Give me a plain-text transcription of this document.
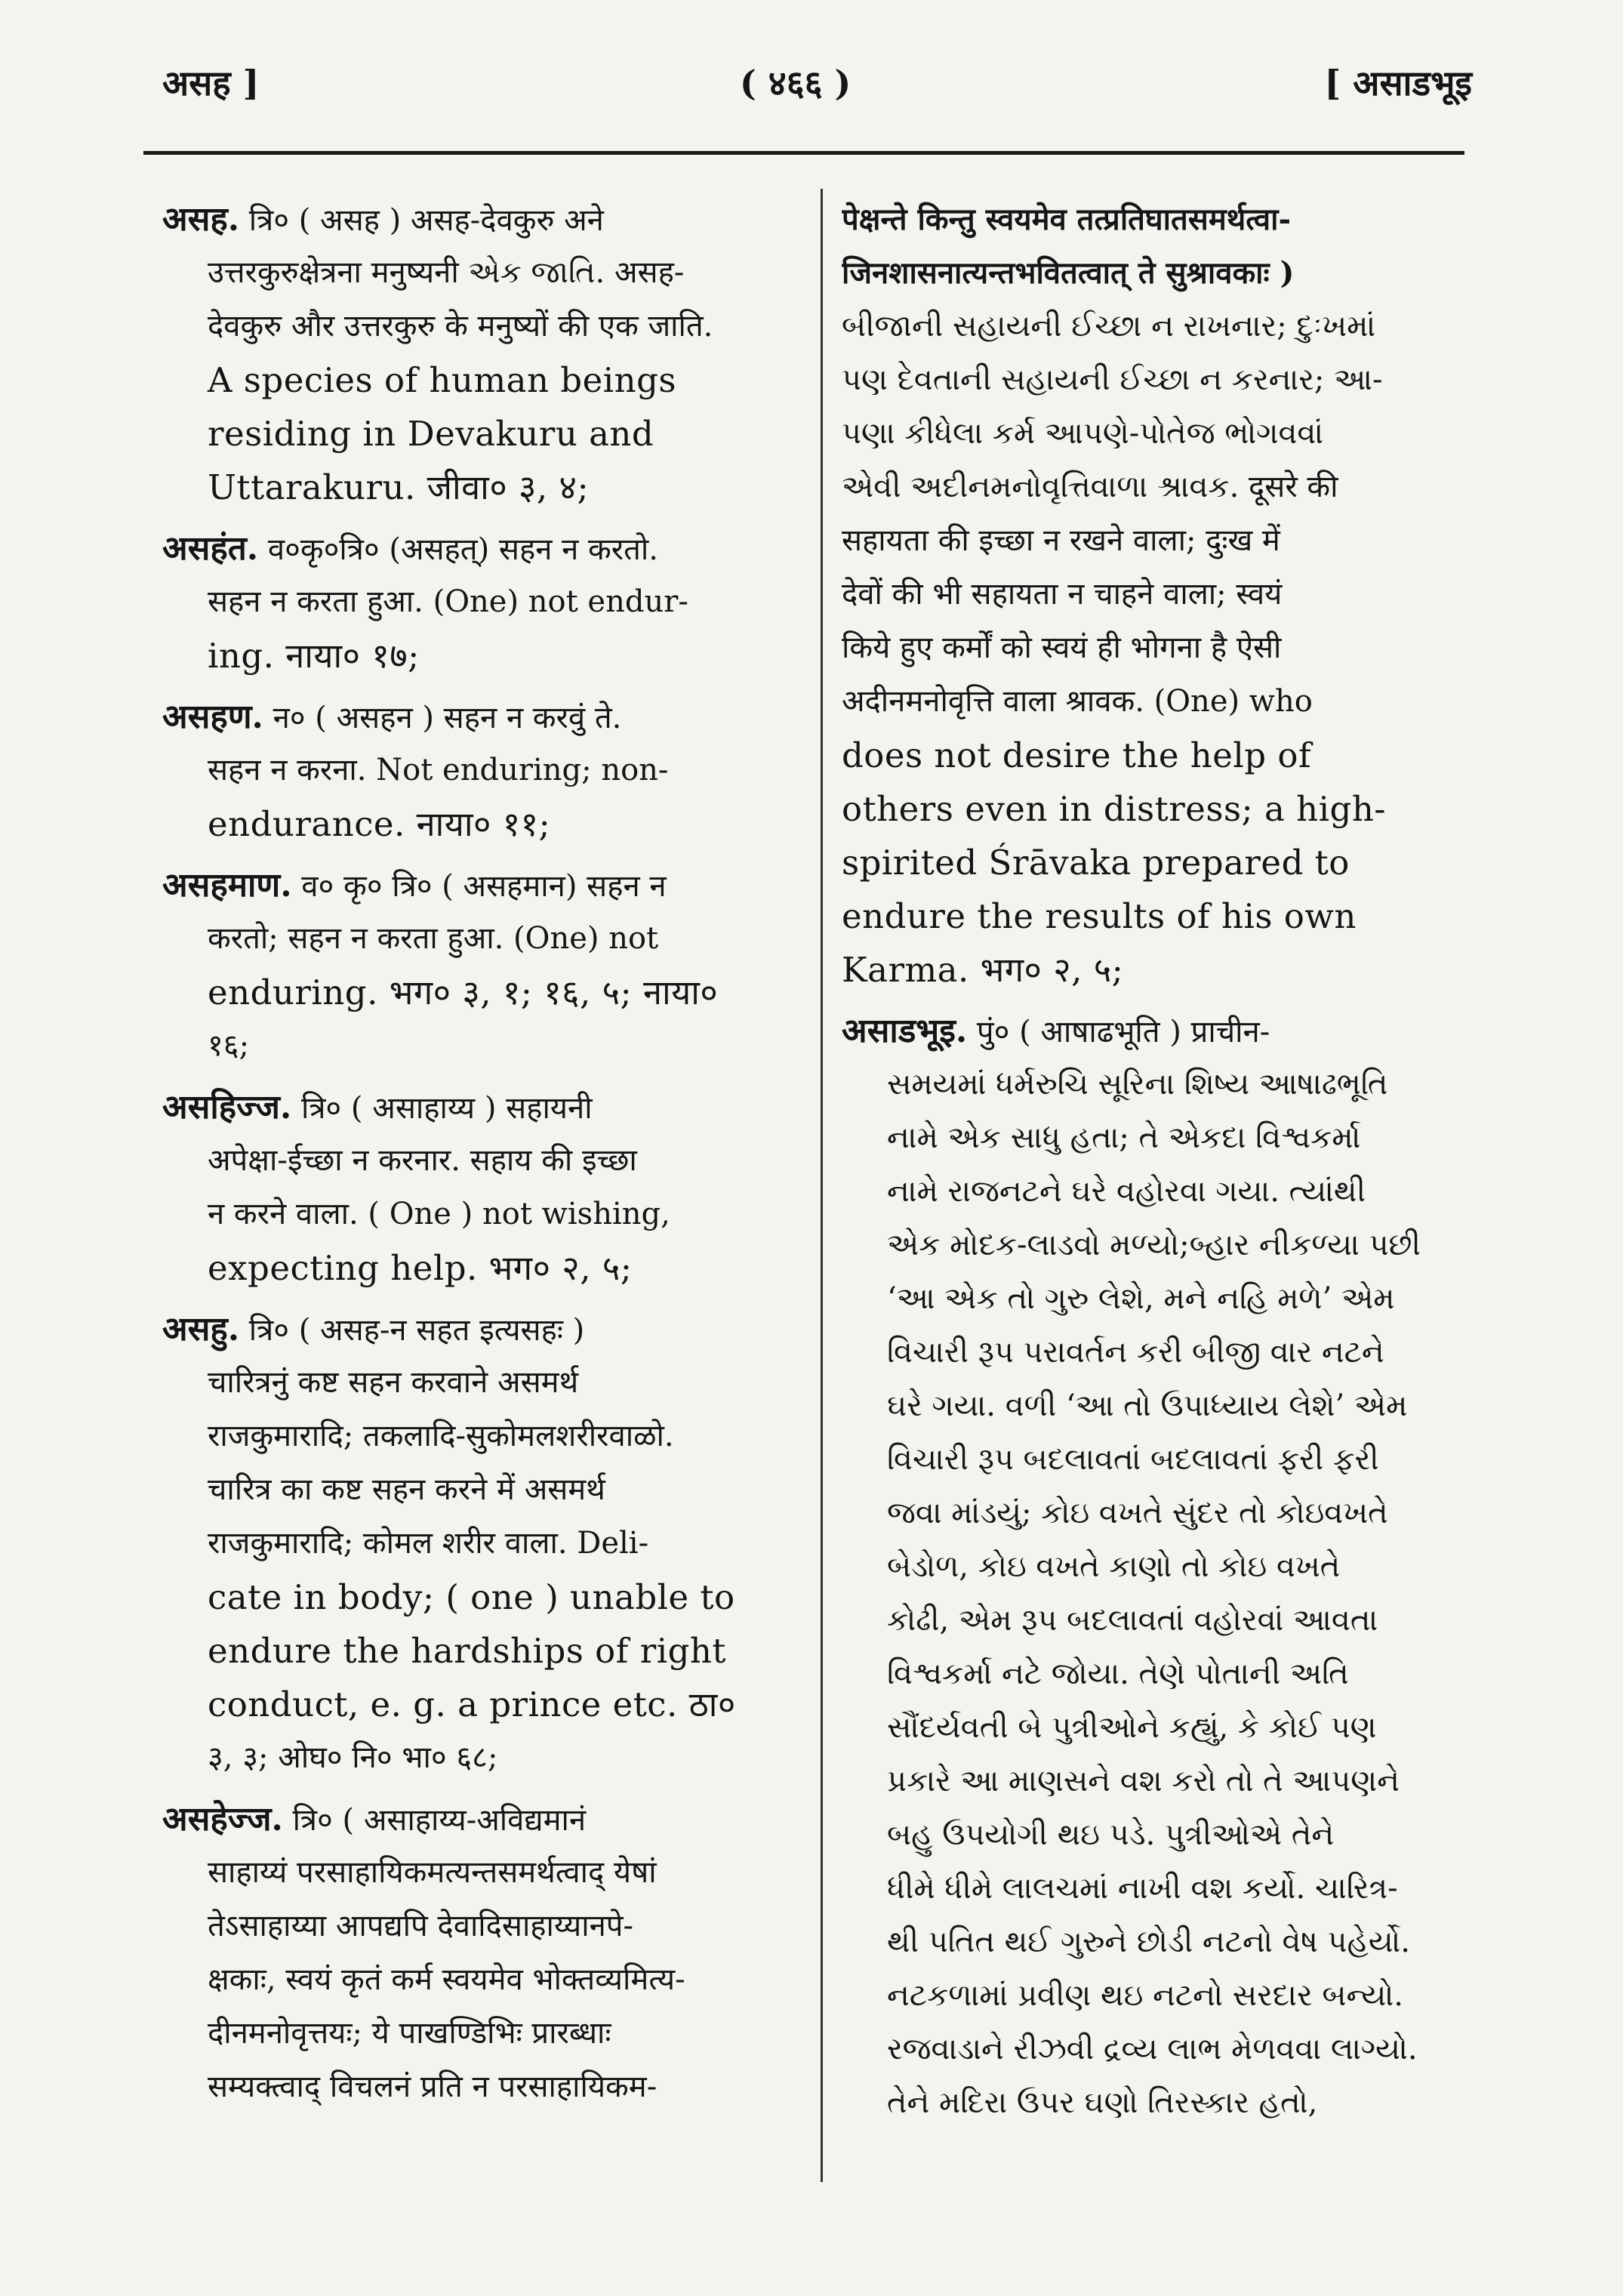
असह ]	( ४६६ )	[ असाडभूइ
असह. त्रि० ( असह ) असह-देवकुरु अने
उत्तरकुरुक्षेत्रना मनुष्यनी એક જાતિ. असह-
देवकुरु और उत्तरकुरु के मनुष्यों की एक जाति.
A species of human beings
residing in Devakuru and
Uttarakuru. जीवा० ३, ४;
असहंत. व०कृ०त्रि० (असहत्) सहन न करतो.
सहन न करता हुआ. (One) not endur-
ing. नाया० १७;
असहण. न० ( असहन ) सहन न करवुं ते.
सहन न करना. Not enduring; non-
endurance. नाया० ११;
असहमाण. व० कृ० त्रि० ( असहमान) सहन न
करतो; सहन न करता हुआ. (One) not
enduring. भग० ३, १; १६, ५; नाया०
१६;
असहिज्ज. त्रि० ( असाहाय्य ) सहायनी
अपेक्षा-ईच्छा न करनार. सहाय की इच्छा
न करने वाला. ( One ) not wishing,
expecting help. भग० २, ५;
असहु. त्रि० ( असह-न सहत इत्यसहः )
चारित्रनुं कष्ट सहन करवाने असमर्थ
राजकुमारादि; तकलादि-सुकोमलशरीरवाळो.
चारित्र का कष्ट सहन करने में असमर्थ
राजकुमारादि; कोमल शरीर वाला. Deli-
cate in body; ( one ) unable to
endure the hardships of right
conduct, e. g. a prince etc. ठा०
३, ३; ओघ० नि० भा० ६८;
असहेज्ज. त्रि० ( असाहाय्य-अविद्यमानं
साहाय्यं परसाहायिकमत्यन्तसमर्थत्वाद् येषां
तेऽसाहाय्या आपद्यपि देवादिसाहाय्यानपे-
क्षकाः, स्वयं कृतं कर्म स्वयमेव भोक्तव्यमित्य-
दीनमनोवृत्तयः; ये पाखण्डिभिः प्रारब्धाः
सम्यक्त्वाद् विचलनं प्रति न परसाहायिकम-
पेक्षन्ते किन्तु स्वयमेव तत्प्रतिघातसमर्थत्वा-
जिनशासनात्यन्तभवितत्वात् ते सुश्रावकाः )
બીજાની સહાયની ઈચ્છા ન રાખનાર; દુઃખમાં
પણ દેવતાની સહાયની ઈચ્છા ન કરનાર; આ-
પણા કીધેલા કર્મ આપણે-પોતેજ ભોગવવાં
એવી અદીનમનોવૃત્તિવાળા શ્રાવક. दूसरे की
सहायता की इच्छा न रखने वाला; दुःख में
देवों की भी सहायता न चाहने वाला; स्वयं
किये हुए कर्मों को स्वयं ही भोगना है ऐसी
अदीनमनोवृत्ति वाला श्रावक. (One) who
does not desire the help of
others even in distress; a high-
spirited Śrāvaka prepared to
endure the results of his own
Karma. भग० २, ५;
असाडभूइ. पुं० ( आषाढभूति ) प्राचीन-
સમયમાં ધર્મરુચિ સૂરિના શિષ્ય આષાઢભૂતિ
નામે એક સાધુ હતા; તે એકદા વિશ્વકર્મા
નામે રાજનટને ઘરે વહોરવા ગયા. ત્યાંથી
એક મોદક-લાડવો મળ્યો;બ્હાર નીકળ્યા પછી
‘આ એક તો ગુરુ લેશે, મને નહિ મળે’ એમ
વિચારી રૂપ પરાવર્તન કરી બીજી વાર નટને
ઘરે ગયા. વળી ‘આ તો ઉપાધ્યાય લેશે’ એમ
વિચારી રૂપ બદલાવતાં બદલાવતાં ફરી ફરી
જવા માંડયું; કોઇ વખતે સુંદર તો કોઇવખતે
બેડોળ, કોઇ વખતે કાણો તો કોઇ વખતે
કોઢી, એમ રૂપ બદલાવતાં વહોરવાં આવતા
વિશ્વકર્મા નટે જોયા. તેણે પોતાની અતિ
સૌંદર્યવતી બે પુત્રીઓને કહ્યું, કે કોઈ પણ
પ્રકારે આ માણસને વશ કરો તો તે આપણને
બહુ ઉપયોગી થઇ પડે. પુત્રીઓએ તેને
ધીમે ધીમે લાલચમાં નાખી વશ કર્યો. ચારિત્ર-
થી પતિત થઈ ગુરુને છોડી નટનો વેષ પહેર્યો.
નટકળામાં પ્રવીણ થઇ નટનો સરદાર બન્યો.
રજવાડાને રીઝવી દ્રવ્ય લાભ મેળવવા લાગ્યો.
તેને મદિરા ઉપર ઘણો તિરસ્કાર હતો,
